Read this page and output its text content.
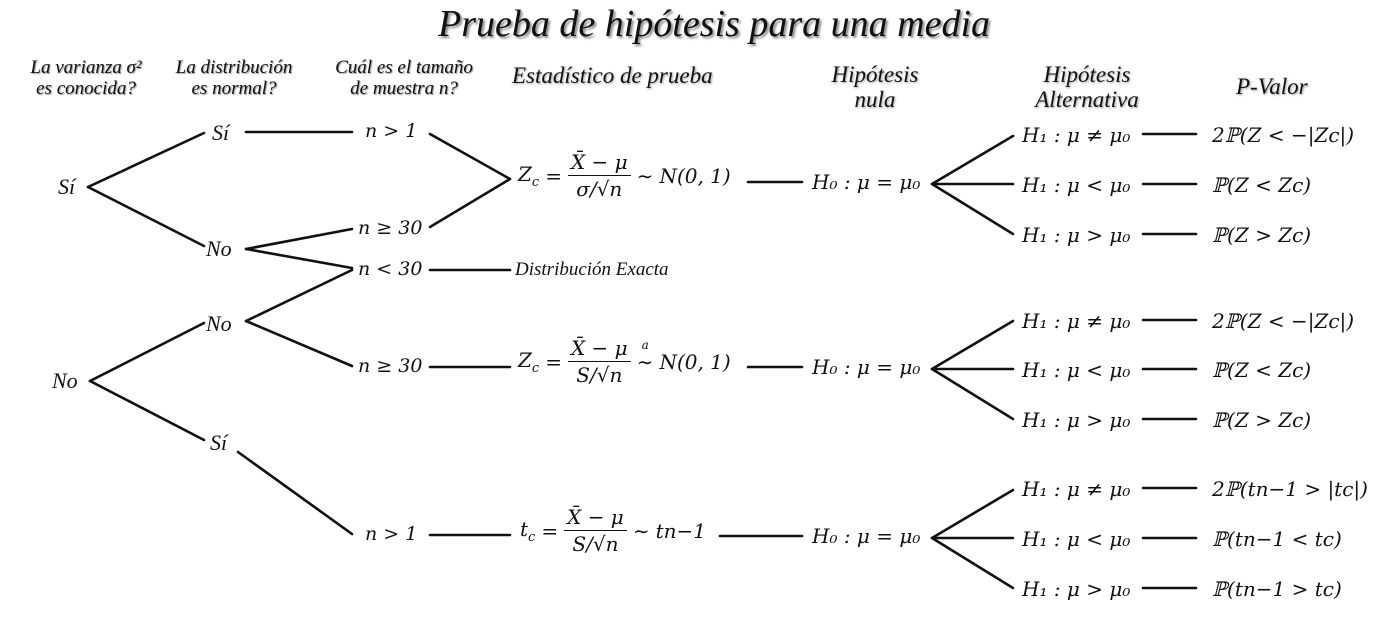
Prueba de hipótesis para una media
La varianza σ²
es conocida?
La distribución
es normal?
Cuál es el tamaño
de muestra n?
Estadístico de prueba	Hipótesis
nula
Hipótesis
Alternativa
P-Valor
Sí
Sí
No
No
No
Sí
n > 1
n ≥ 30
n < 30
n ≥ 30
n > 1
Distribución Exacta
$Z_c = \frac{X̄ - \mu}{\sigma/√n}$ ∼ N(0, 1)	H₀ : μ = μ₀
H₁ : μ ≠ μ₀
H₁ : μ < μ₀
H₁ : μ > μ₀
2ℙ(Z < −|Zc|)
ℙ(Z < Zc)
ℙ(Z > Zc)
$Z_c = \frac{X̄ - \mu}{S/√n}$ a
∼ N(0, 1)	H₀ : μ = μ₀
H₁ : μ ≠ μ₀
H₁ : μ < μ₀
H₁ : μ > μ₀
2ℙ(Z < −|Zc|)
ℙ(Z < Zc)
ℙ(Z > Zc)
$t_c = \frac{X̄ - \mu}{S/√n}$ ∼ tn−1	H₀ : μ = μ₀
H₁ : μ ≠ μ₀
H₁ : μ < μ₀
H₁ : μ > μ₀
2ℙ(tn−1 > |tc|)
ℙ(tn−1 < tc)
ℙ(tn−1 > tc)
